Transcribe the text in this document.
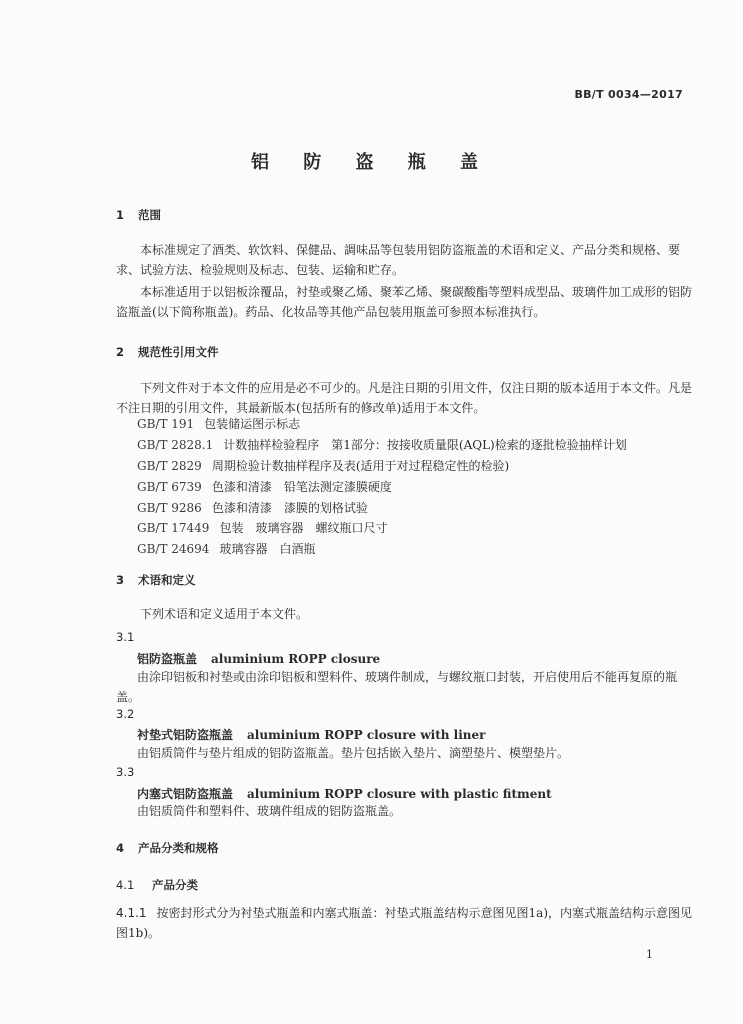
BB/T 0034—2017
铝 防 盗 瓶 盖
1 范围

本标准规定了酒类、软饮料、保健品、調味品等包装用铝防盗瓶盖的术语和定义、产品分类和规格、要求、试验方法、检验规则及标志、包装、运输和贮存。

本标准适用于以铝板涂覆品，衬垫或聚乙烯、聚苯乙烯、聚碳酸酯等塑料成型品、玻璃件加工成形的铝防盗瓶盖(以下简称瓶盖)。药品、化妆品等其他产品包装用瓶盖可参照本标准执行。

2 规范性引用文件

下列文件对于本文件的应用是必不可少的。凡是注日期的引用文件，仅注日期的版本适用于本文件。凡是不注日期的引用文件，其最新版本(包括所有的修改单)适用于本文件。

GB/T 191 包装储运图示标志
GB/T 2828.1 计数抽样检验程序　第1部分：按接收质量限(AQL)检索的逐批检验抽样计划
GB/T 2829 周期检验计数抽样程序及表(适用于对过程稳定性的检验)
GB/T 6739 色漆和清漆　铅笔法测定漆膜硬度
GB/T 9286 色漆和清漆　漆膜的划格试验
GB/T 17449 包装　玻璃容器　螺纹瓶口尺寸
GB/T 24694 玻璃容器　白酒瓶
3 术语和定义

下列术语和定义适用于本文件。

3.1
铝防盗瓶盖 aluminium ROPP closure

由涂印铝板和衬垫或由涂印铝板和塑料件、玻璃件制成，与螺纹瓶口封装，开启使用后不能再复原的瓶盖。

3.2
衬垫式铝防盗瓶盖 aluminium ROPP closure with liner

由铝质筒件与垫片组成的铝防盗瓶盖。垫片包括嵌入垫片、滴塑垫片、模塑垫片。

3.3
内塞式铝防盗瓶盖 aluminium ROPP closure with plastic fitment

由铝质筒件和塑料件、玻璃件组成的铝防盗瓶盖。

4 产品分类和规格
4.1 产品分类

4.1.1 按密封形式分为衬垫式瓶盖和内塞式瓶盖：衬垫式瓶盖结构示意图见图1a)，内塞式瓶盖结构示意图见图1b)。

1
